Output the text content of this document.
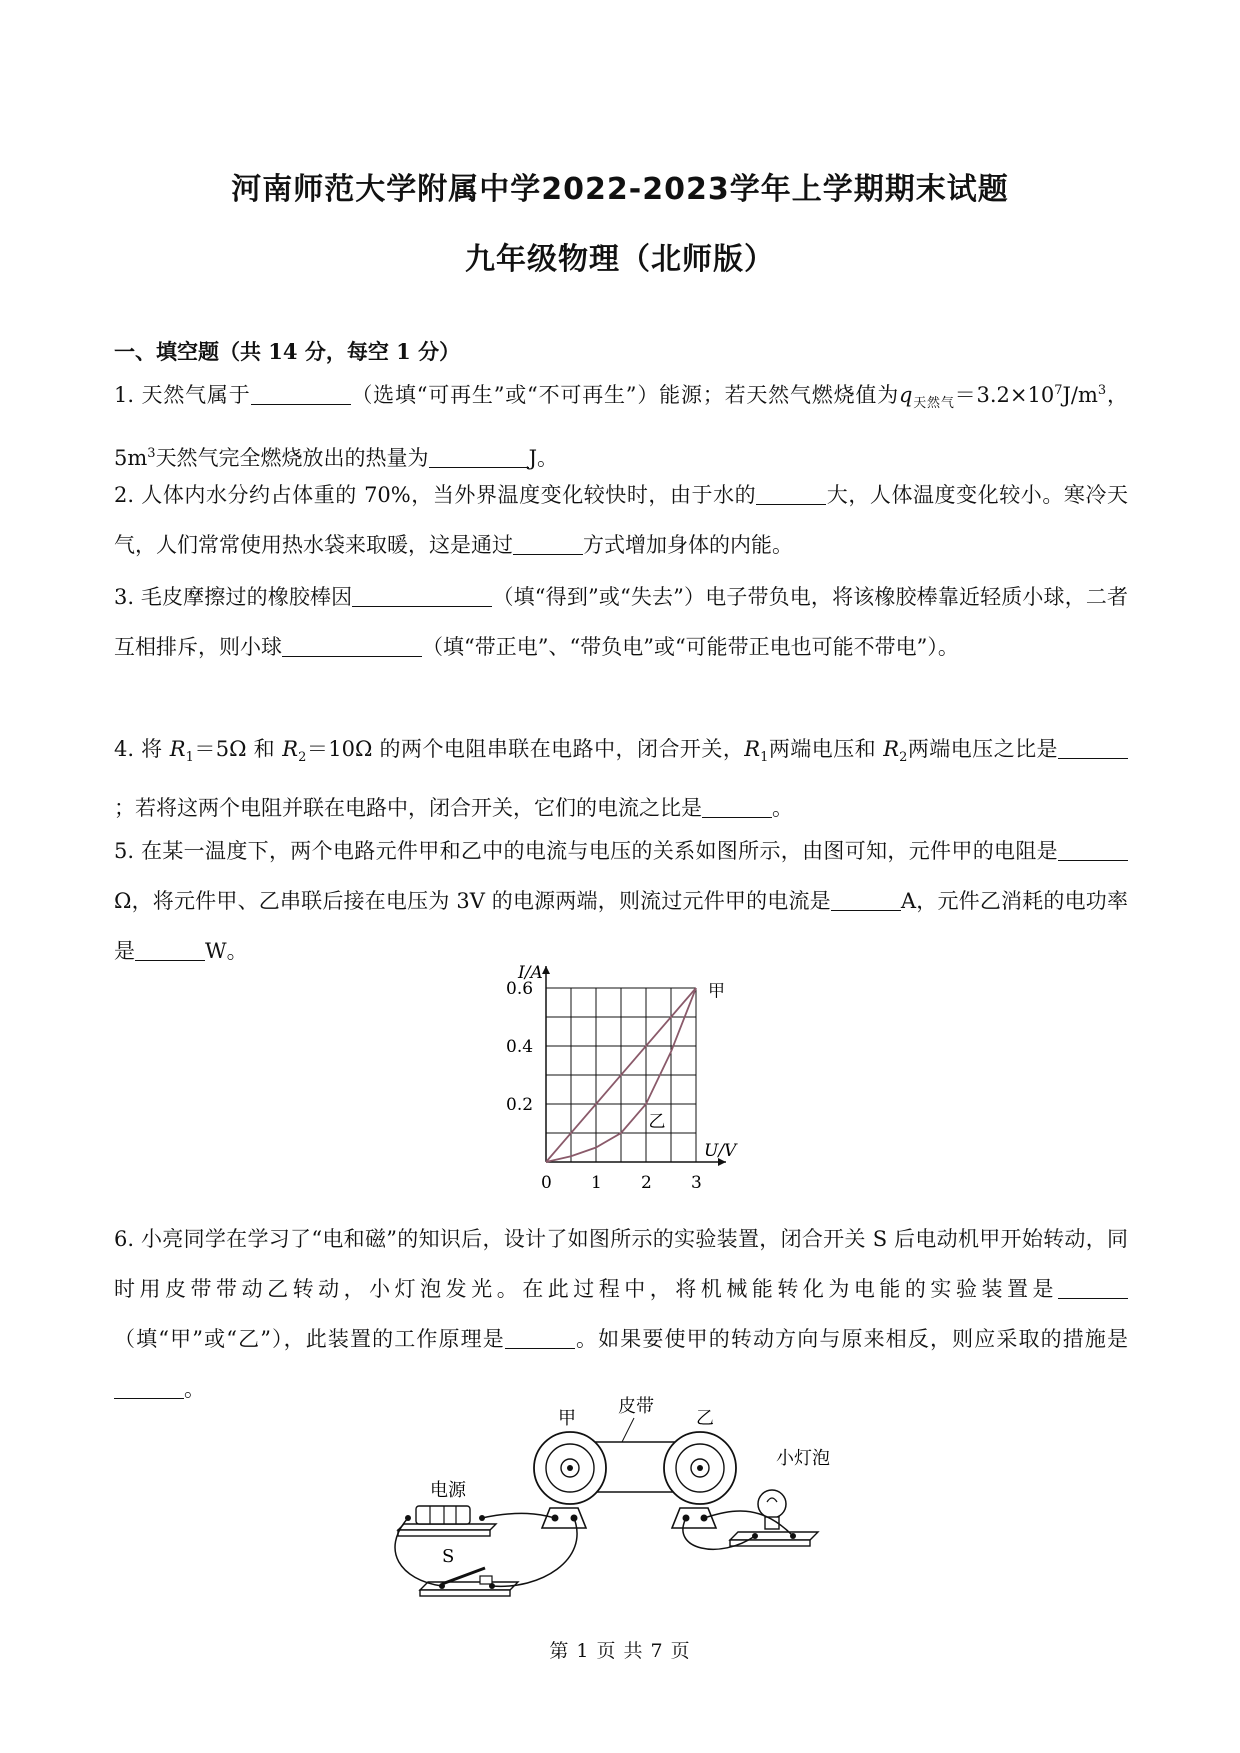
河南师范大学附属中学2022-2023学年上学期期末试题
九年级物理（北师版）
一、填空题（共 14 分，每空 1 分）

1. 天然气属于	（选填“可再生”或“不可再生”）能源；若天然气燃烧值为$q_{天然气}=3.2\times 10^7J/m^3$，$5m^3$天然气完全燃烧放出的热量为	J。

2. 人体内水分约占体重的 70%，当外界温度变化较快时，由于水的	大，人体温度变化较小。寒冷天气，人们常常使用热水袋来取暖，这是通过	方式增加身体的内能。

3. 毛皮摩擦过的橡胶棒因	（填“得到”或“失去”）电子带负电，将该橡胶棒靠近轻质小球，二者互相排斥，则小球	（填“带正电”、“带负电”或“可能带正电也可能不带电”）。

4. 将 $R_1=5\Omega$ 和 $R_2=10\Omega$ 的两个电阻串联在电路中，闭合开关，$R_1$两端电压和 $R_2$两端电压之比是；若将这两个电阻并联在电路中，闭合开关，它们的电流之比是	。

5. 在某一温度下，两个电路元件甲和乙中的电流与电压的关系如图所示，由图可知，元件甲的电阻是Ω，将元件甲、乙串联后接在电压为 3V 的电源两端，则流过元件甲的电流是	A，元件乙消耗的电功率是	W。

0 1 2 3
0.2
0.4
0.6
I/A
U/V
甲
乙

6. 小亮同学在学习了“电和磁”的知识后，设计了如图所示的实验装置，闭合开关 S 后电动机甲开始转动，同时用皮带带动乙转动，小灯泡发光。在此过程中，将机械能转化为电能的实验装置是（填“甲”或“乙”），此装置的工作原理是	。如果要使甲的转动方向与原来相反，则应采取的措施是。

电源
皮带
甲	乙
小灯泡
S
第 1 页 共 7 页
